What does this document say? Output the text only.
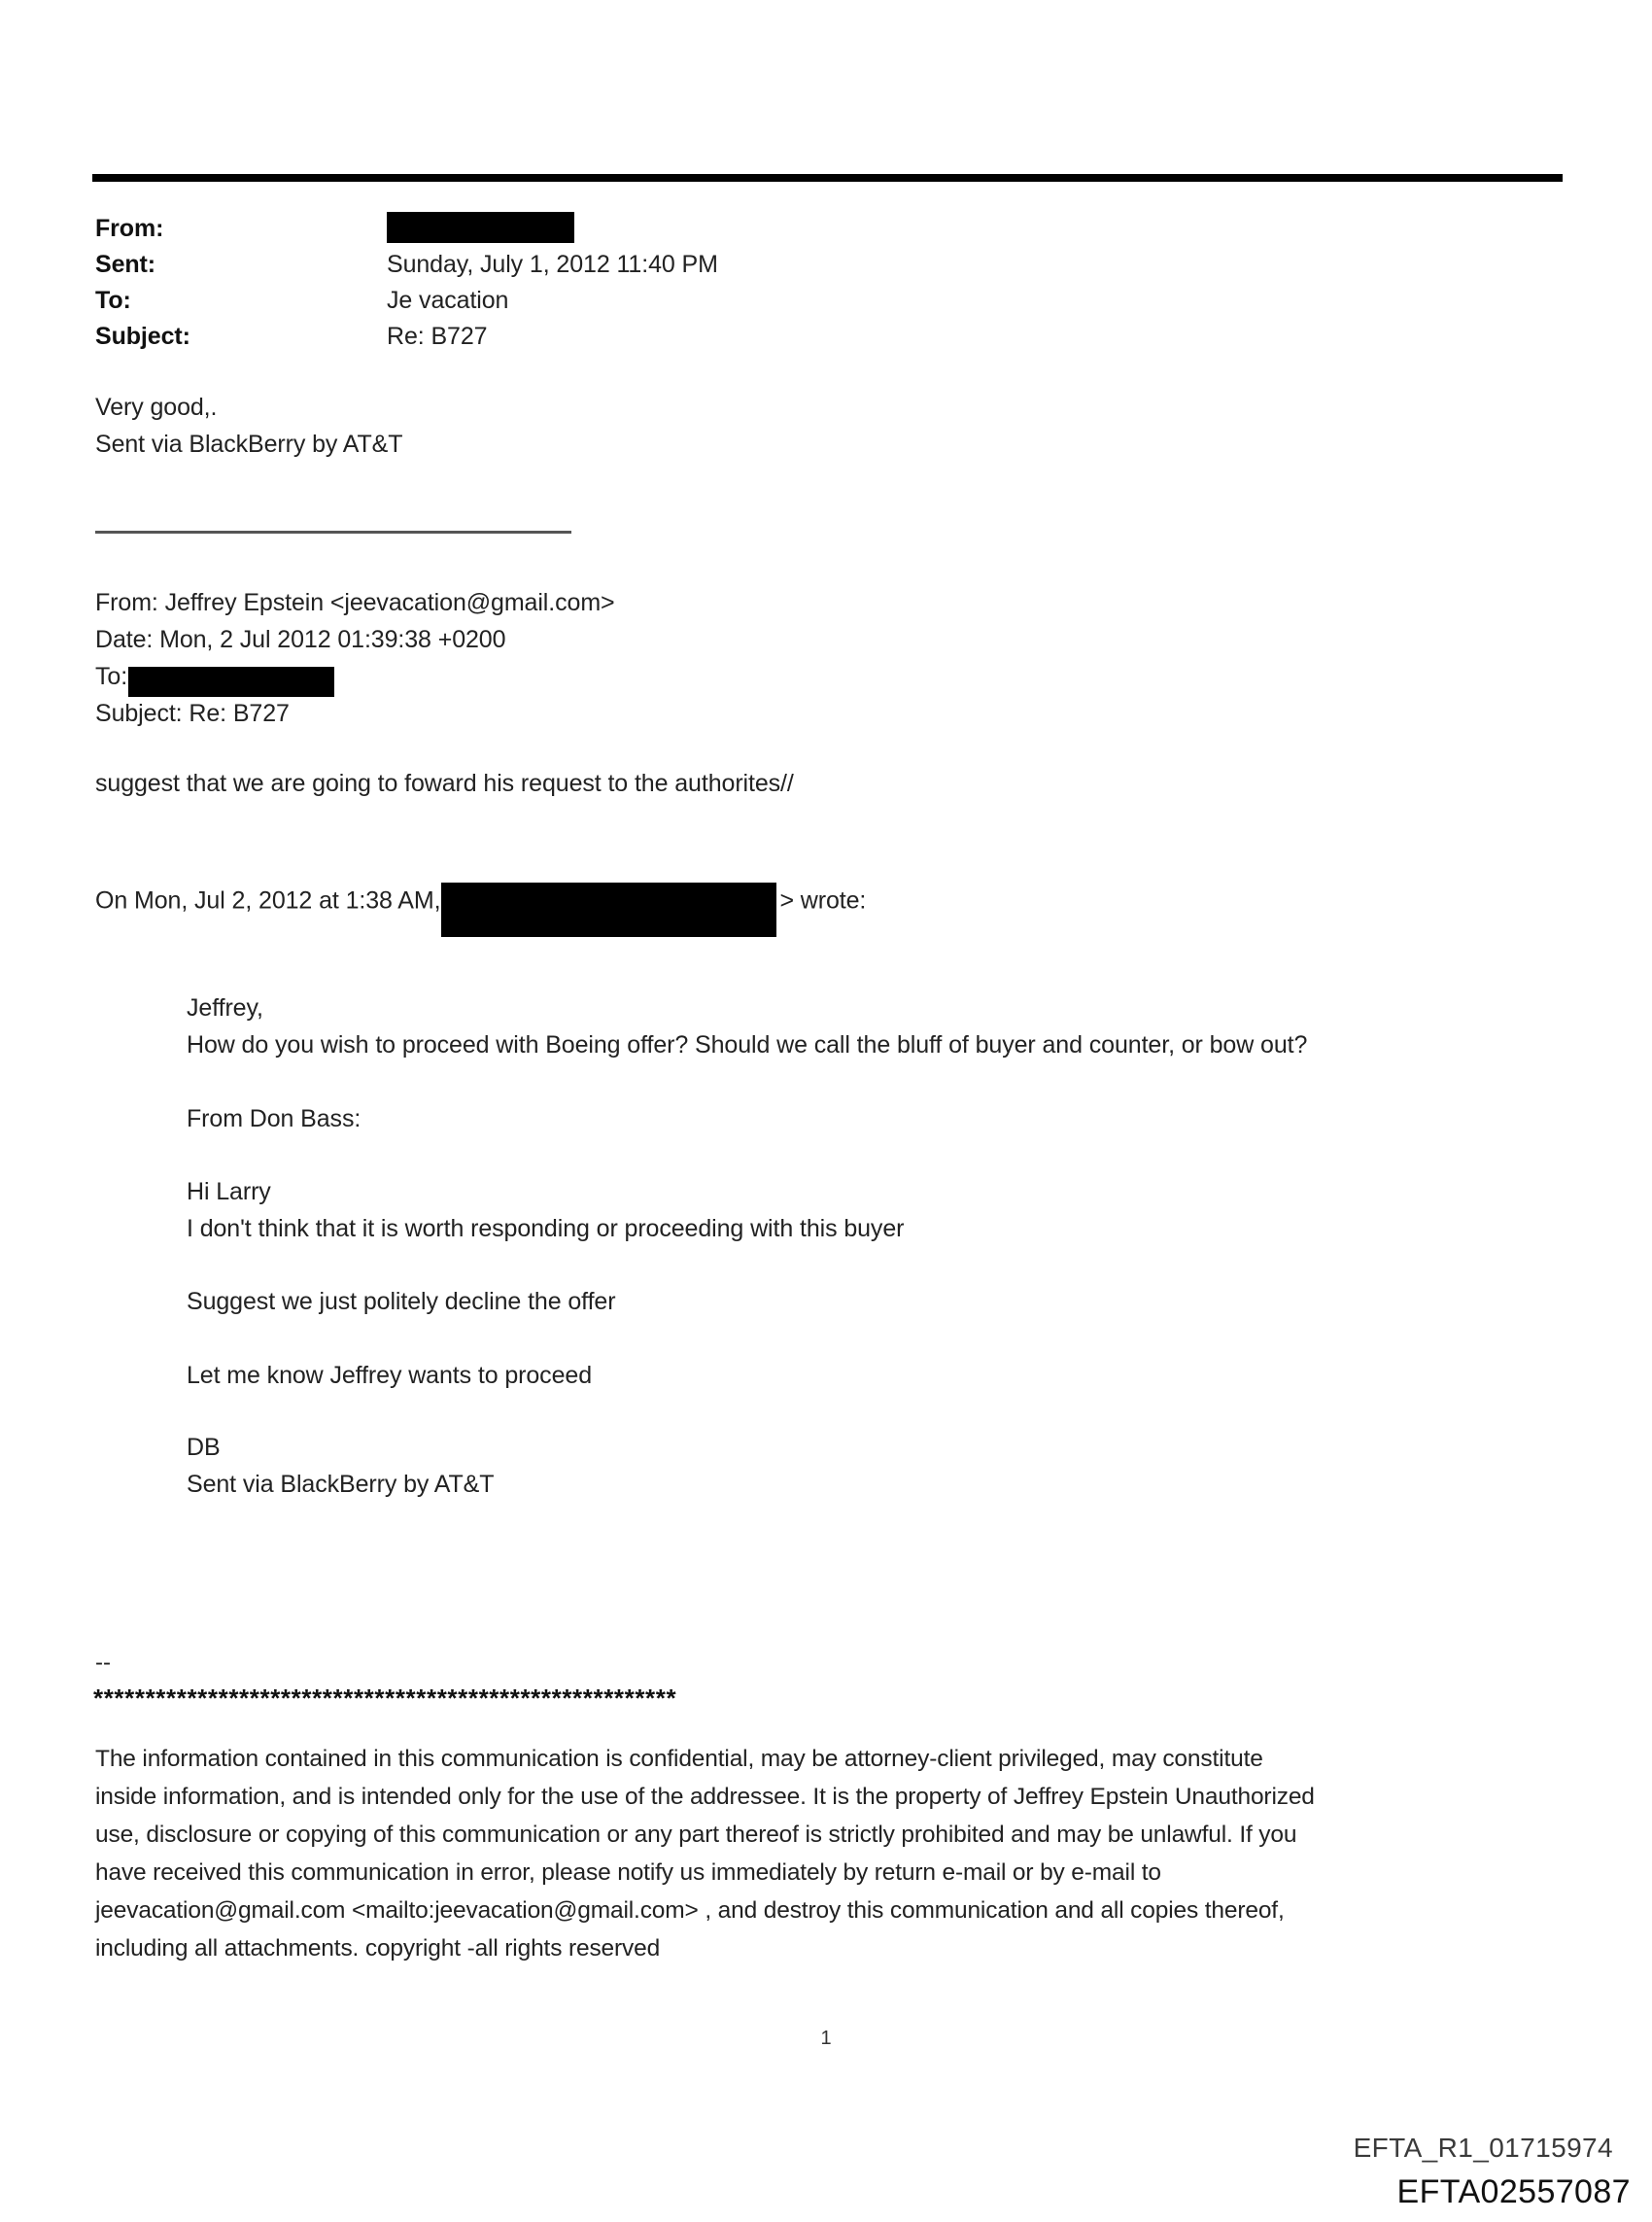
From:
Sent:	Sunday, July 1, 2012 11:40 PM
To:	Je vacation
Subject:	Re: B727
Very good,.
Sent via BlackBerry by AT&T
From: Jeffrey Epstein <jeevacation@gmail.com>
Date: Mon, 2 Jul 2012 01:39:38 +0200
To:
Subject: Re: B727
suggest that we are going to foward his request to the authorites//
On Mon, Jul 2, 2012 at 1:38 AM,	> wrote:
Jeffrey,
How do you wish to proceed with Boeing offer? Should we call the bluff of buyer and counter, or bow out?
From Don Bass:
Hi Larry
I don't think that it is worth responding or proceeding with this buyer
Suggest we just politely decline the offer
Let me know Jeffrey wants to proceed
DB
Sent via BlackBerry by AT&T
--
********************************************************
The information contained in this communication is confidential, may be attorney-client privileged, may constitute
inside information, and is intended only for the use of the addressee. It is the property of Jeffrey Epstein Unauthorized
use, disclosure or copying of this communication or any part thereof is strictly prohibited and may be unlawful. If you
have received this communication in error, please notify us immediately by return e-mail or by e-mail to
jeevacation@gmail.com <mailto:jeevacation@gmail.com> , and destroy this communication and all copies thereof,
including all attachments. copyright -all rights reserved
1
EFTA_R1_01715974
EFTA02557087
